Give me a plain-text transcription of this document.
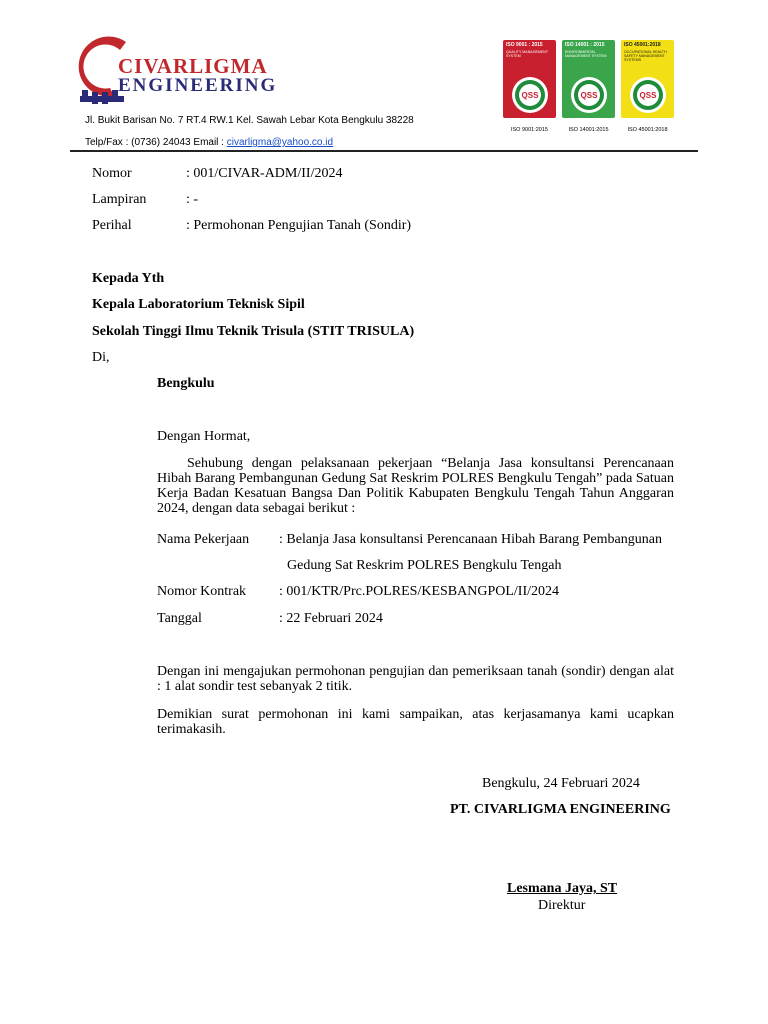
CIVARLIGMA
ENGINEERING
Jl. Bukit Barisan No. 7 RT.4 RW.1 Kel. Sawah Lebar Kota Bengkulu 38228
Telp/Fax : (0736) 24043 Email : civarligma@yahoo.co.id
ISO 9001 : 2015
QUALITY MANAGEMENT SYSTEM
QSS
ISO 14001 : 2015
ENVIRONMENTAL MANAGEMENT SYSTEM
QSS
ISO 45001:2018
OCCUPATIONAL HEALTH SAFETY MANAGEMENT SYSTEMS
QSS
ISO 9001:2015	ISO 14001:2015	ISO 45001:2018
Nomor	: 001/CIVAR-ADM/II/2024
Lampiran	: -
Perihal	: Permohonan Pengujian Tanah (Sondir)
Kepada Yth
Kepala Laboratorium Teknisk Sipil
Sekolah Tinggi Ilmu Teknik Trisula (STIT TRISULA)
Di,
Bengkulu
Dengan Hormat,
Sehubung dengan pelaksanaan pekerjaan “Belanja Jasa konsultansi Perencanaan Hibah Barang Pembangunan Gedung Sat Reskrim POLRES Bengkulu Tengah” pada Satuan Kerja Badan Kesatuan Bangsa Dan Politik Kabupaten Bengkulu Tengah Tahun Anggaran 2024, dengan data sebagai berikut :
Nama Pekerjaan : Belanja Jasa konsultansi Perencanaan Hibah Barang Pembangunan
Gedung Sat Reskrim POLRES Bengkulu Tengah
Nomor Kontrak : 001/KTR/Prc.POLRES/KESBANGPOL/II/2024
Tanggal	: 22 Februari 2024
Dengan ini mengajukan permohonan pengujian dan pemeriksaan tanah (sondir) dengan alat : 1 alat sondir test sebanyak 2 titik.
Demikian surat permohonan ini kami sampaikan, atas kerjasamanya kami ucapkan terimakasih.
Bengkulu, 24 Februari 2024
PT. CIVARLIGMA ENGINEERING
Lesmana Jaya, ST
Direktur
